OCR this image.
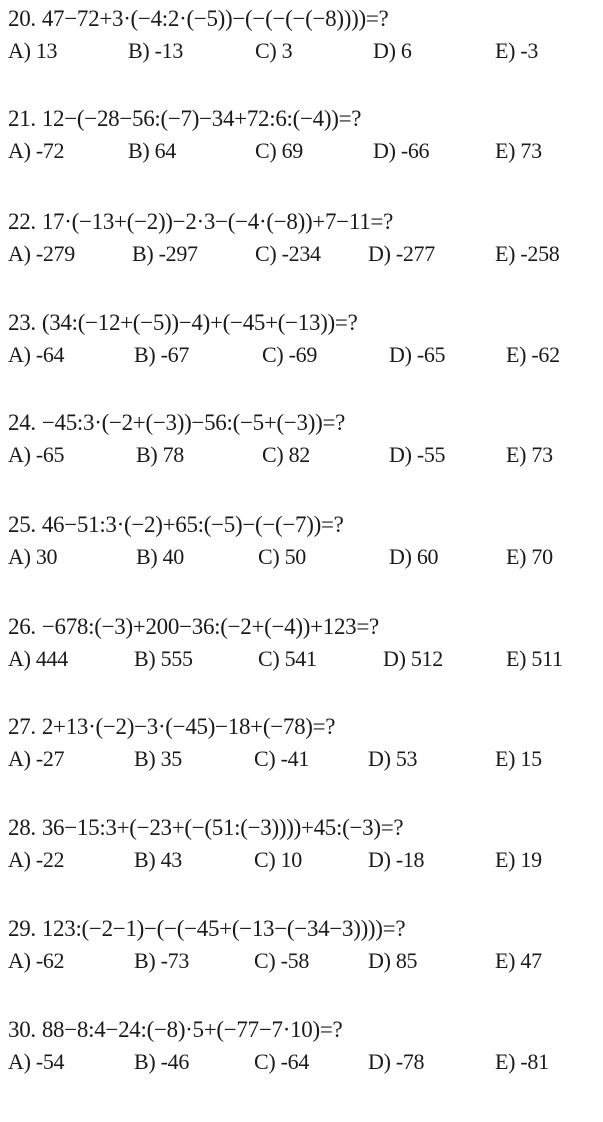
20. 47−72+3·(−4:2·(−5))−(−(−(−(−8))))=?
A) 13	B) -13	C) 3	D) 6	E) -3
21. 12−(−28−56:(−7)−34+72:6:(−4))=?
A) -72	B) 64	C) 69	D) -66	E) 73
22. 17·(−13+(−2))−2·3−(−4·(−8))+7−11=?
A) -279	B) -297	C) -234 D) -277	E) -258
23. (34:(−12+(−5))−4)+(−45+(−13))=?
A) -64	B) -67	C) -69	D) -65	E) -62
24. −45:3·(−2+(−3))−56:(−5+(−3))=?
A) -65	B) 78	C) 82	D) -55	E) 73
25. 46−51:3·(−2)+65:(−5)−(−(−7))=?
A) 30	B) 40	C) 50	D) 60	E) 70
26. −678:(−3)+200−36:(−2+(−4))+123=?
A) 444	B) 555	C) 541	D) 512	E) 511
27. 2+13·(−2)−3·(−45)−18+(−78)=?
A) -27	B) 35	C) -41	D) 53	E) 15
28. 36−15:3+(−23+(−(51:(−3))))+45:(−3)=?
A) -22	B) 43	C) 10	D) -18	E) 19
29. 123:(−2−1)−(−(−45+(−13−(−34−3))))=?
A) -62	B) -73	C) -58	D) 85	E) 47
30. 88−8:4−24:(−8)·5+(−77−7·10)=?
A) -54	B) -46	C) -64	D) -78	E) -81
